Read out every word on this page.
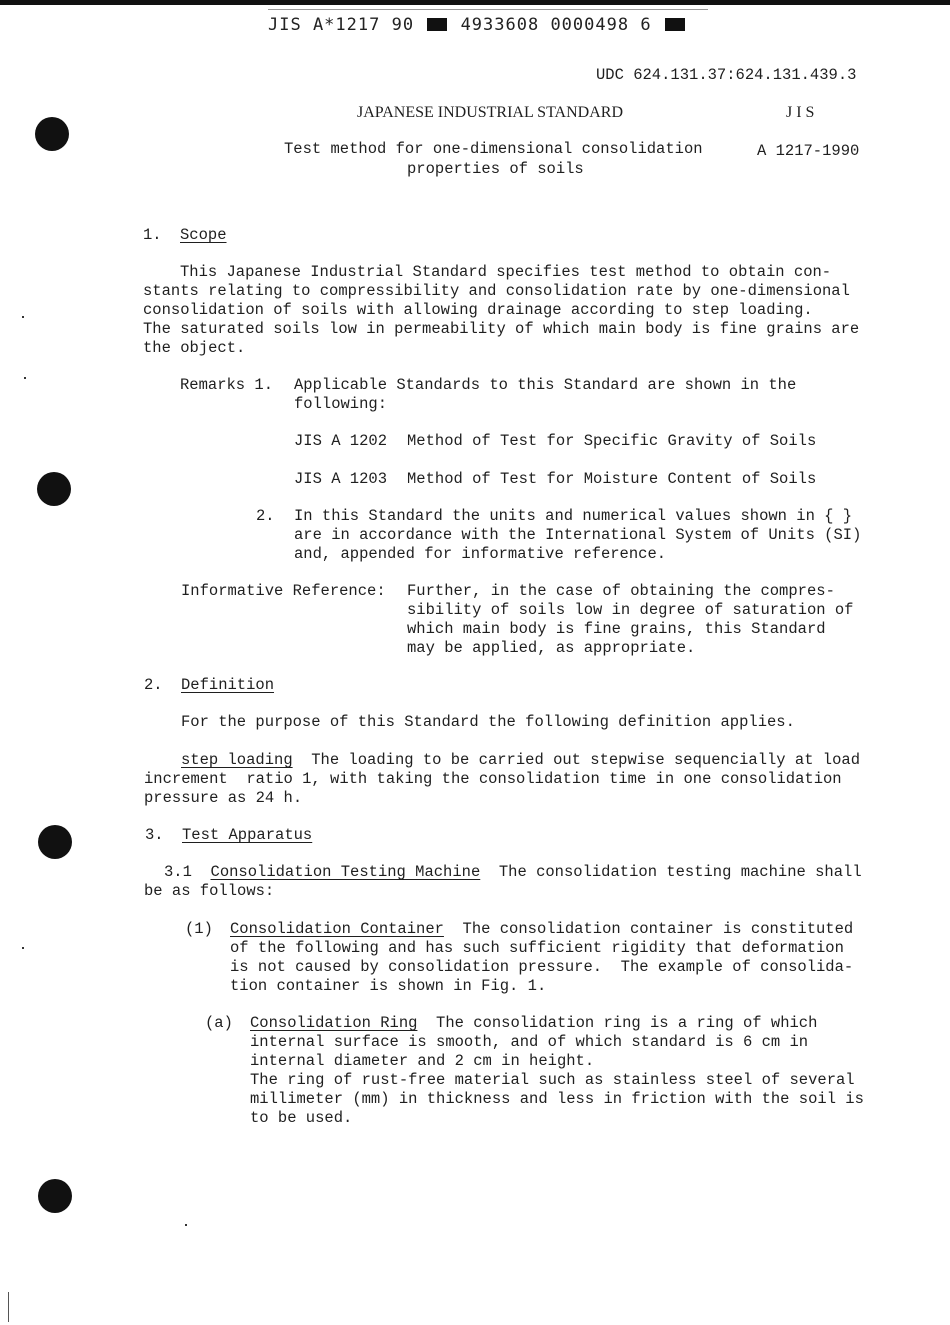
JIS A*1217 90	4933608 0000498 6
UDC 624.131.37:624.131.439.3
JAPANESE INDUSTRIAL STANDARD	J I S
Test method for one-dimensional consolidation	A 1217-1990
properties of soils
1. Scope
This Japanese Industrial Standard specifies test method to obtain con-
stants relating to compressibility and consolidation rate by one-dimensional
consolidation of soils with allowing drainage according to step loading.
The saturated soils low in permeability of which main body is fine grains are
the object.
Remarks 1. Applicable Standards to this Standard are shown in the
following:
JIS A 1202 Method of Test for Specific Gravity of Soils
JIS A 1203 Method of Test for Moisture Content of Soils
2. In this Standard the units and numerical values shown in { }
are in accordance with the International System of Units (SI)
and, appended for informative reference.
Informative Reference: Further, in the case of obtaining the compres-
sibility of soils low in degree of saturation of
which main body is fine grains, this Standard
may be applied, as appropriate.
2. Definition
For the purpose of this Standard the following definition applies.
step loading  The loading to be carried out stepwise sequencially at load
increment  ratio 1, with taking the consolidation time in one consolidation
pressure as 24 h.
3. Test Apparatus
3.1 Consolidation Testing Machine  The consolidation testing machine shall
be as follows:
(1) Consolidation Container  The consolidation container is constituted
of the following and has such sufficient rigidity that deformation
is not caused by consolidation pressure.  The example of consolida-
tion container is shown in Fig. 1.
(a) Consolidation Ring  The consolidation ring is a ring of which
internal surface is smooth, and of which standard is 6 cm in
internal diameter and 2 cm in height.
The ring of rust-free material such as stainless steel of several
millimeter (mm) in thickness and less in friction with the soil is
to be used.
